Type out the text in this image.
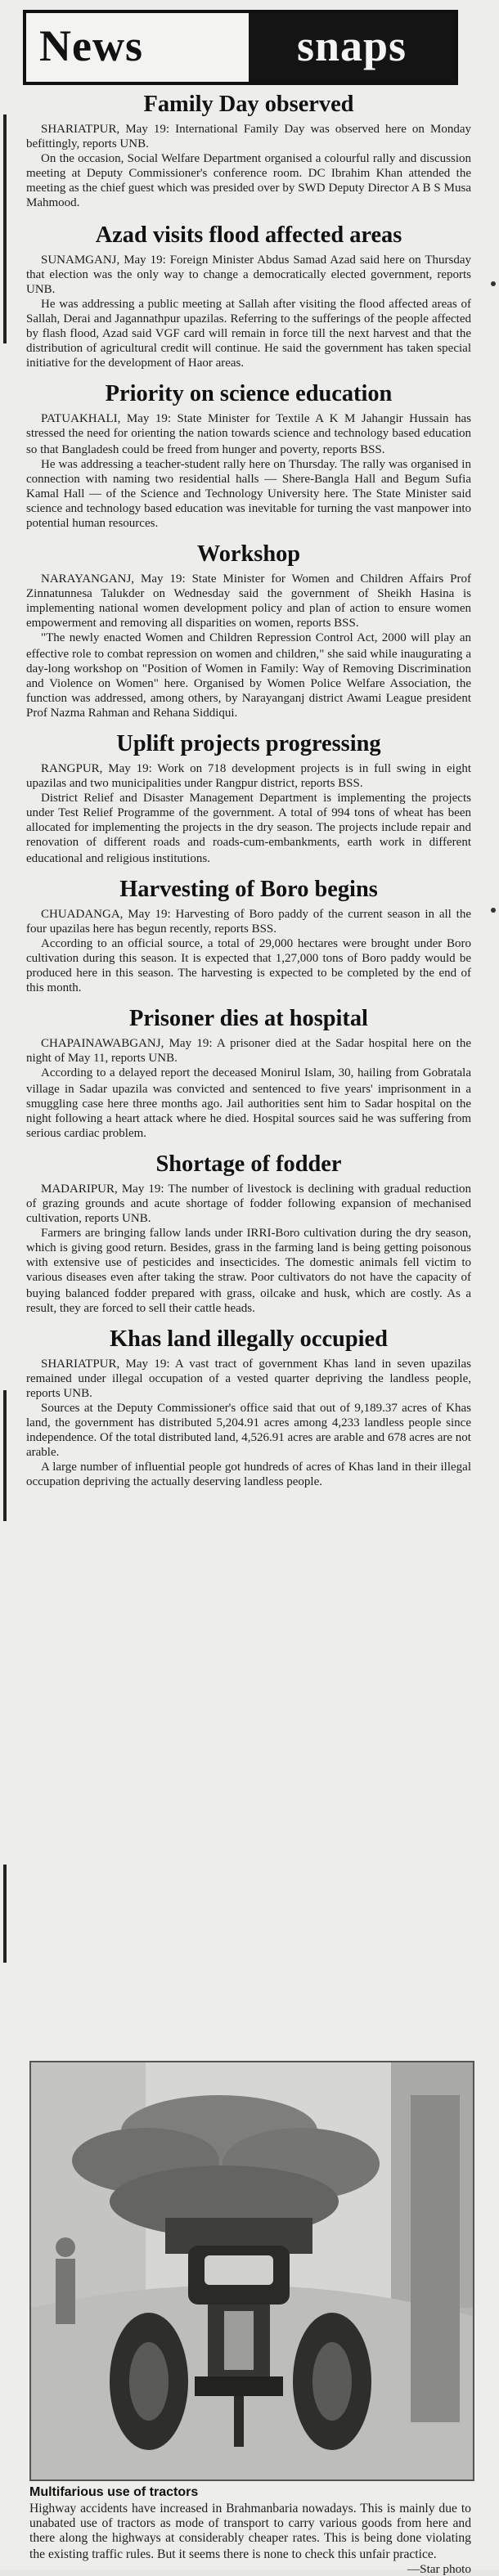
News	snaps
Family Day observed

SHARIATPUR, May 19: International Family Day was observed here on Monday befittingly, reports UNB.

On the occasion, Social Welfare Department organised a colourful rally and discussion meeting at Deputy Commissioner's conference room. DC Ibrahim Khan attended the meeting as the chief guest which was presided over by SWD Deputy Director A B S Musa Mahmood.

Azad visits flood affected areas

SUNAMGANJ, May 19: Foreign Minister Abdus Samad Azad said here on Thursday that election was the only way to change a democratically elected government, reports UNB.

He was addressing a public meeting at Sallah after visiting the flood affected areas of Sallah, Derai and Jagannathpur upazilas. Referring to the sufferings of the people affected by flash flood, Azad said VGF card will remain in force till the next harvest and that the distribution of agricultural credit will continue. He said the government has taken special initiative for the development of Haor areas.

Priority on science education

PATUAKHALI, May 19: State Minister for Textile A K M Jahangir Hussain has stressed the need for orienting the nation towards science and technology based education so that Bangladesh could be freed from hunger and poverty, reports BSS.

He was addressing a teacher-student rally here on Thursday. The rally was organised in connection with naming two residential halls — Shere-Bangla Hall and Begum Sufia Kamal Hall — of the Science and Technology University here. The State Minister said science and technology based education was inevitable for turning the vast manpower into potential human resources.

Workshop

NARAYANGANJ, May 19: State Minister for Women and Children Affairs Prof Zinnatunnesa Talukder on Wednesday said the government of Sheikh Hasina is implementing national women development policy and plan of action to ensure women empowerment and removing all disparities on women, reports BSS.

"The newly enacted Women and Children Repression Control Act, 2000 will play an effective role to combat repression on women and children," she said while inaugurating a day-long workshop on "Position of Women in Family: Way of Removing Discrimination and Violence on Women" here. Organised by Women Police Welfare Association, the function was addressed, among others, by Narayanganj district Awami League president Prof Nazma Rahman and Rehana Siddiqui.

Uplift projects progressing

RANGPUR, May 19: Work on 718 development projects is in full swing in eight upazilas and two municipalities under Rangpur district, reports BSS.

District Relief and Disaster Management Department is implementing the projects under Test Relief Programme of the government. A total of 994 tons of wheat has been allocated for implementing the projects in the dry season. The projects include repair and renovation of different roads and roads-cum-embankments, earth work in different educational and religious institutions.

Harvesting of Boro begins

CHUADANGA, May 19: Harvesting of Boro paddy of the current season in all the four upazilas here has begun recently, reports BSS.

According to an official source, a total of 29,000 hectares were brought under Boro cultivation during this season. It is expected that 1,27,000 tons of Boro paddy would be produced here in this season. The harvesting is expected to be completed by the end of this month.

Prisoner dies at hospital

CHAPAINAWABGANJ, May 19: A prisoner died at the Sadar hospital here on the night of May 11, reports UNB.

According to a delayed report the deceased Monirul Islam, 30, hailing from Gobratala village in Sadar upazila was convicted and sentenced to five years' imprisonment in a smuggling case here three months ago. Jail authorities sent him to Sadar hospital on the night following a heart attack where he died. Hospital sources said he was suffering from serious cardiac problem.

Shortage of fodder

MADARIPUR, May 19: The number of livestock is declining with gradual reduction of grazing grounds and acute shortage of fodder following expansion of mechanised cultivation, reports UNB.

Farmers are bringing fallow lands under IRRI-Boro cultivation during the dry season, which is giving good return. Besides, grass in the farming land is being getting poisonous with extensive use of pesticides and insecticides. The domestic animals fell victim to various diseases even after taking the straw. Poor cultivators do not have the capacity of buying balanced fodder prepared with grass, oilcake and husk, which are costly. As a result, they are forced to sell their cattle heads.

Khas land illegally occupied

SHARIATPUR, May 19: A vast tract of government Khas land in seven upazilas remained under illegal occupation of a vested quarter depriving the landless people, reports UNB.

Sources at the Deputy Commissioner's office said that out of 9,189.37 acres of Khas land, the government has distributed 5,204.91 acres among 4,233 landless people since independence. Of the total distributed land, 4,526.91 acres are arable and 678 acres are not arable.

A large number of influential people got hundreds of acres of Khas land in their illegal occupation depriving the actually deserving landless people.

Multifarious use of tractors

Highway accidents have increased in Brahmanbaria nowadays. This is mainly due to unabated use of tractors as mode of transport to carry various goods from here and there along the highways at considerably cheaper rates. This is being done violating the existing traffic rules. But it seems there is none to check this unfair practice.

—Star photo
